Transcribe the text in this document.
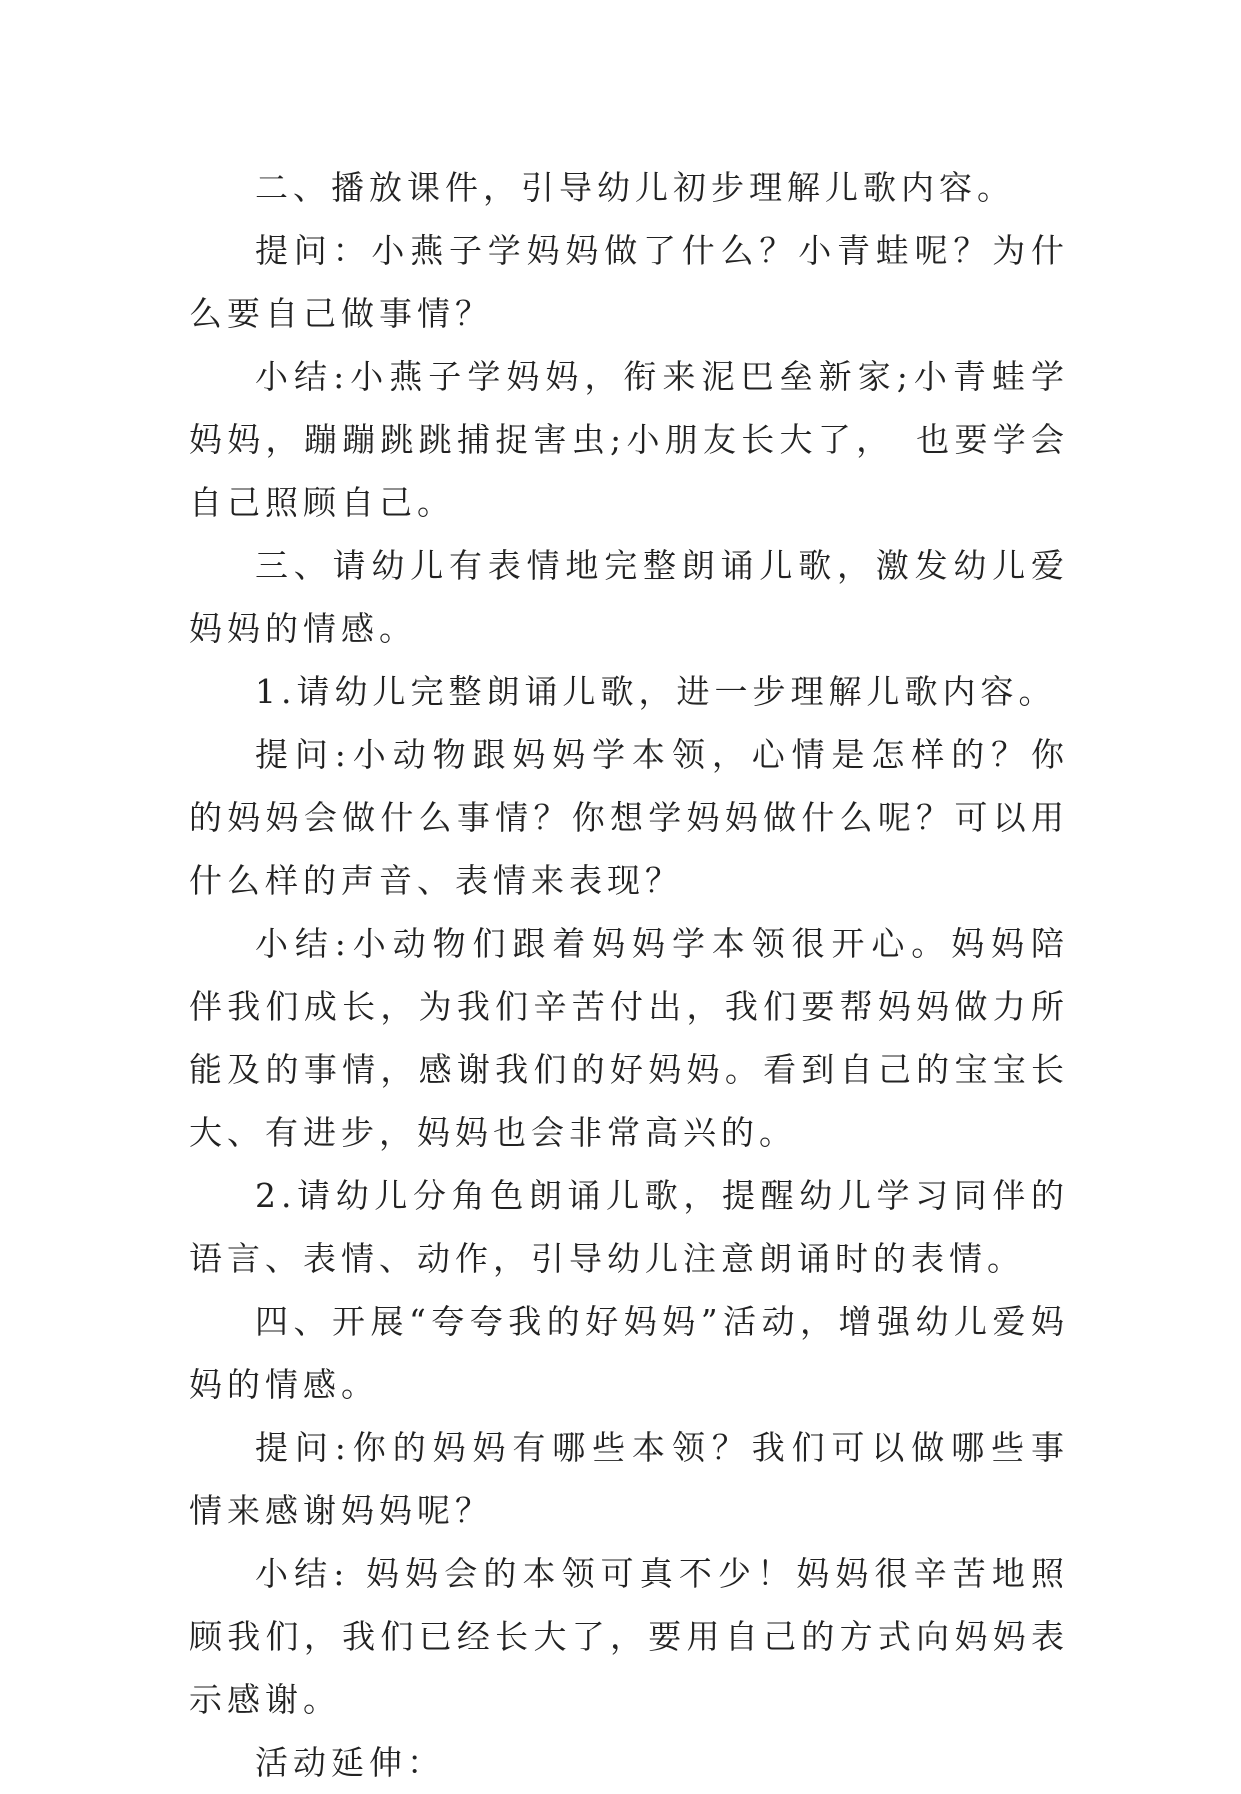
二、播放课件，引导幼儿初步理解儿歌内容。

提问：小燕子学妈妈做了什么？小青蛙呢？为什么要自己做事情？

小结:小燕子学妈妈，衔来泥巴垒新家;小青蛙学妈妈，蹦蹦跳跳捕捉害虫;小朋友长大了，　也要学会自己照顾自己。

三、请幼儿有表情地完整朗诵儿歌，激发幼儿爱妈妈的情感。

1.请幼儿完整朗诵儿歌，进一步理解儿歌内容。

提问:小动物跟妈妈学本领，心情是怎样的？你的妈妈会做什么事情？你想学妈妈做什么呢？可以用什么样的声音、表情来表现？

小结:小动物们跟着妈妈学本领很开心。妈妈陪伴我们成长，为我们辛苦付出，我们要帮妈妈做力所能及的事情，感谢我们的好妈妈。看到自己的宝宝长大、有进步，妈妈也会非常高兴的。

2.请幼儿分角色朗诵儿歌，提醒幼儿学习同伴的语言、表情、动作，引导幼儿注意朗诵时的表情。

四、开展“夸夸我的好妈妈”活动，增强幼儿爱妈妈的情感。

提问:你的妈妈有哪些本领？我们可以做哪些事情来感谢妈妈呢？

小结: 妈妈会的本领可真不少！妈妈很辛苦地照顾我们，我们已经长大了，要用自己的方式向妈妈表示感谢。

活动延伸：
